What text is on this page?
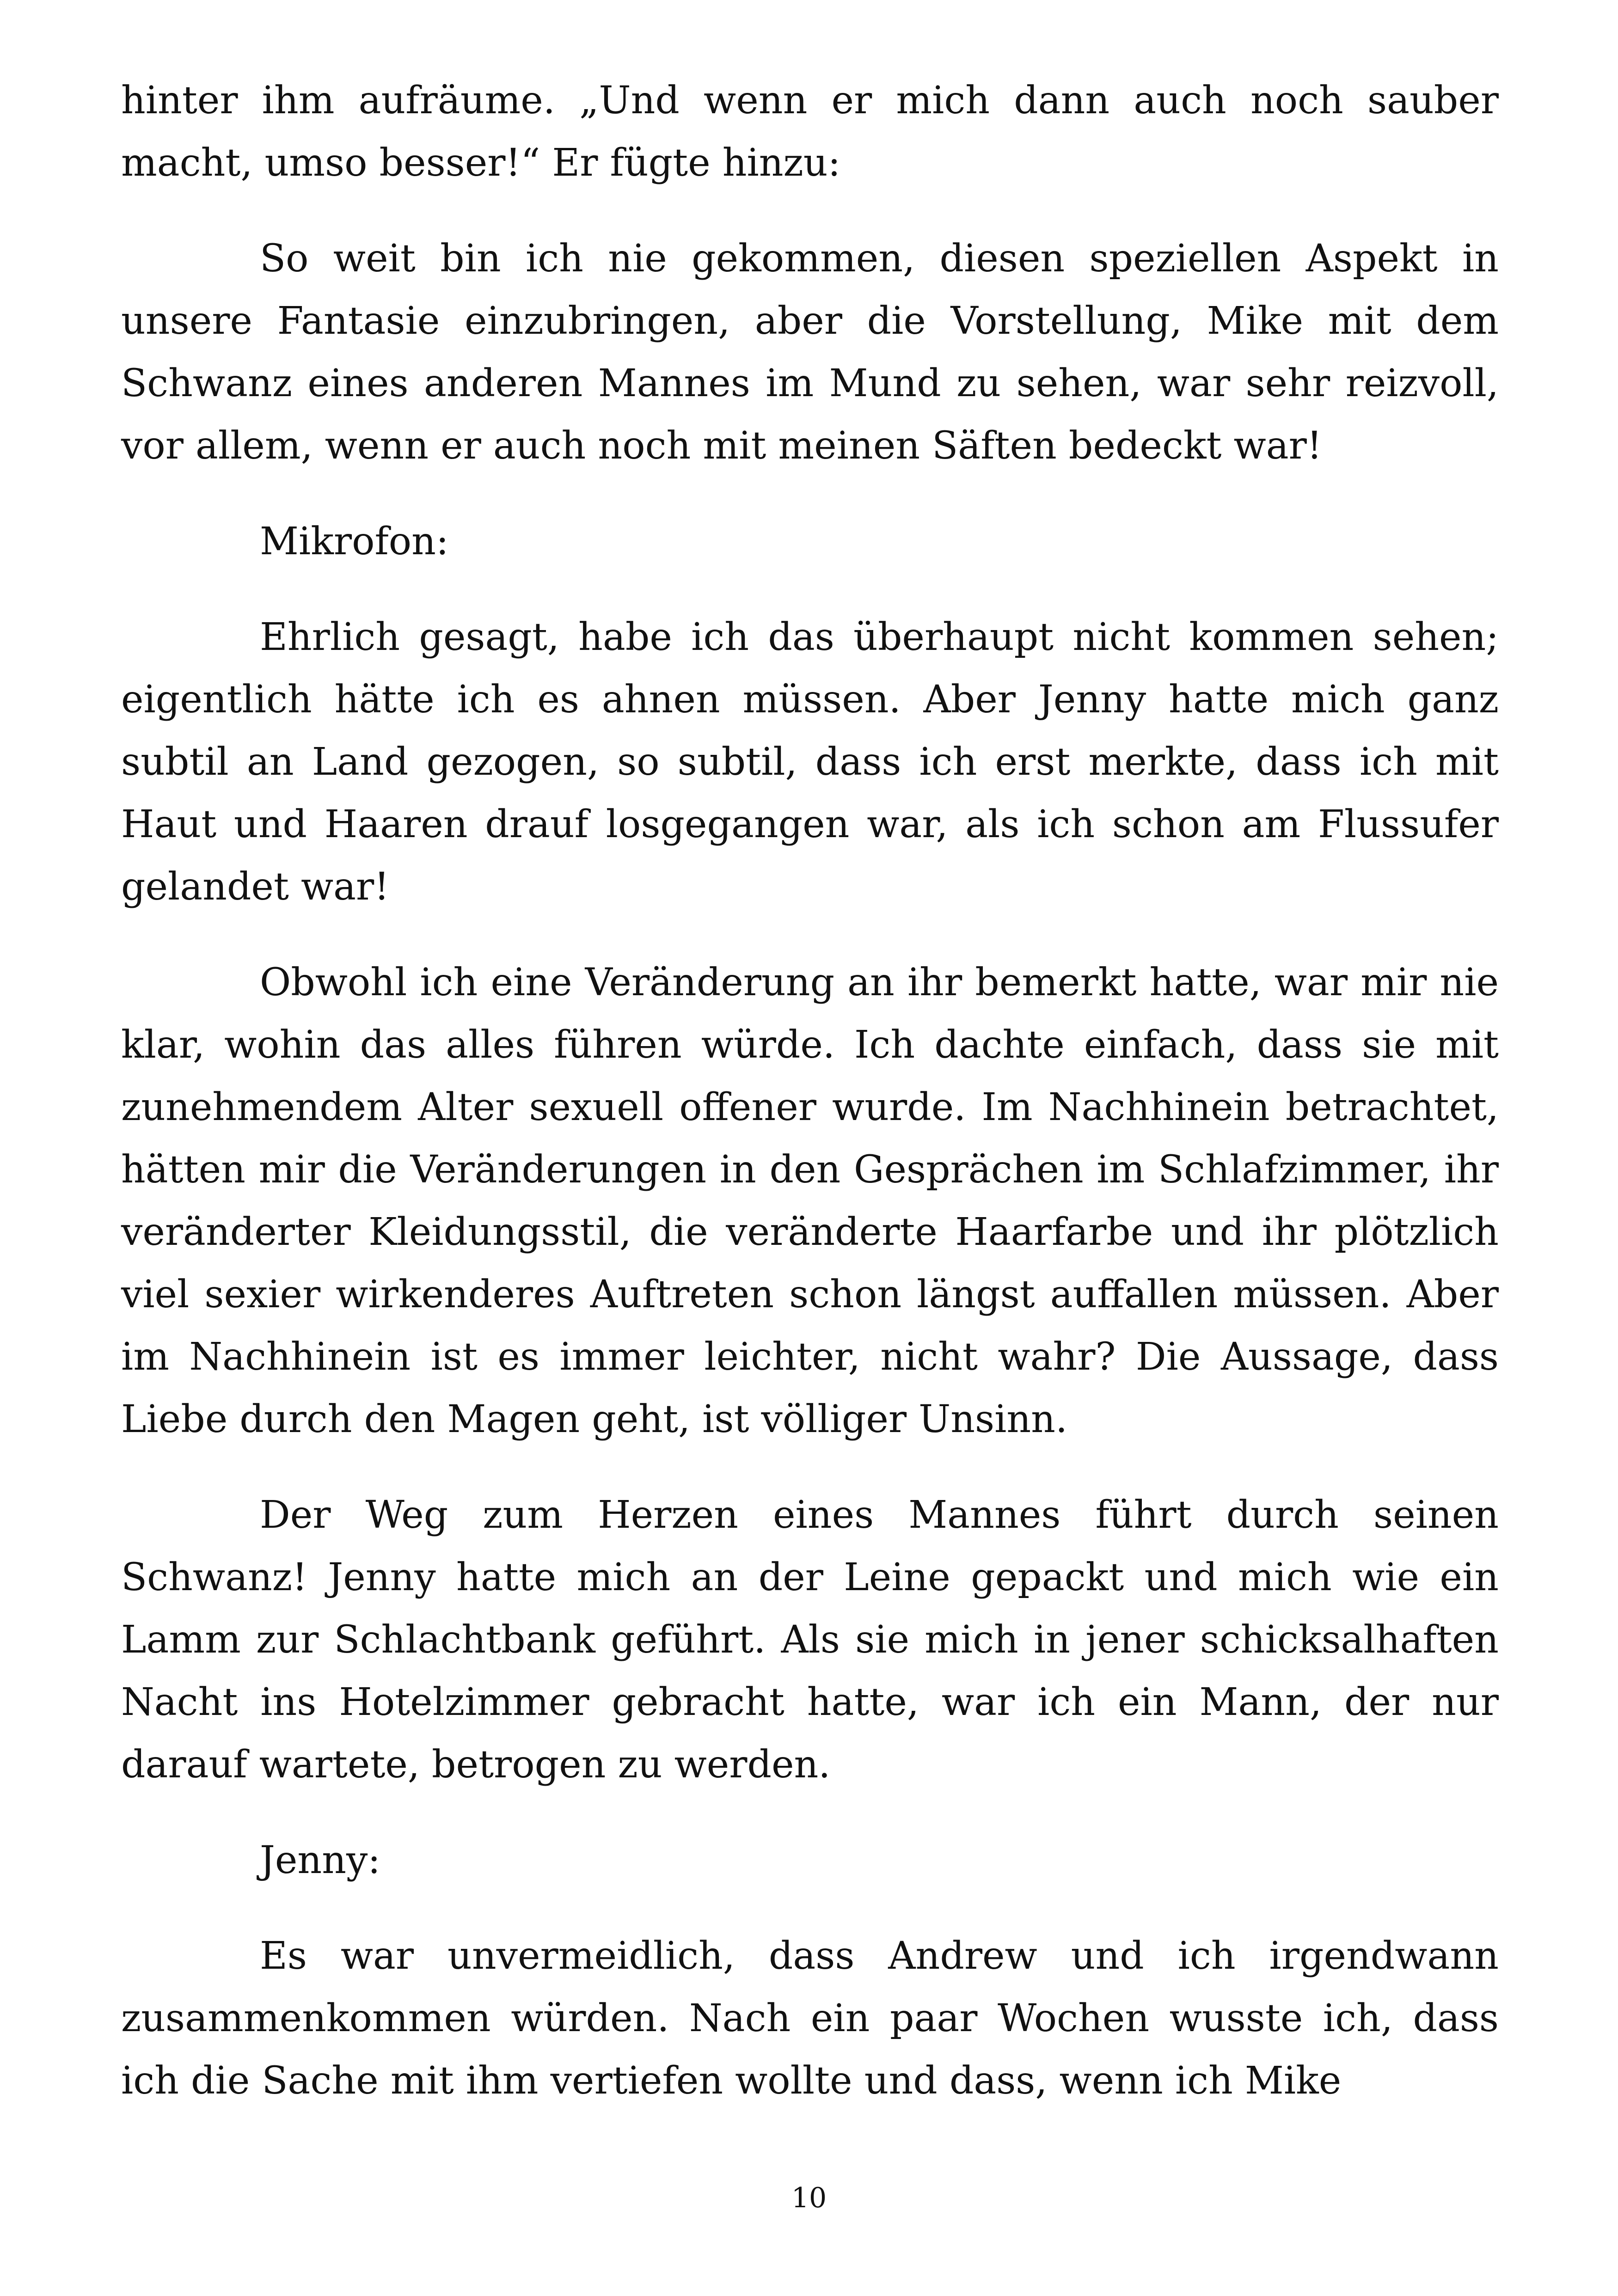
hinter ihm aufräume. „Und wenn er mich dann auch noch sauber macht, umso besser!“ Er fügte hinzu:

So weit bin ich nie gekommen, diesen speziellen Aspekt in unsere Fantasie einzubringen, aber die Vorstellung, Mike mit dem Schwanz eines anderen Mannes im Mund zu sehen, war sehr reizvoll, vor allem, wenn er auch noch mit meinen Säften bedeckt war!

Mikrofon:

Ehrlich gesagt, habe ich das überhaupt nicht kommen sehen; eigentlich hätte ich es ahnen müssen. Aber Jenny hatte mich ganz subtil an Land gezogen, so subtil, dass ich erst merkte, dass ich mit Haut und Haaren drauf losgegangen war, als ich schon am Flussufer gelandet war!

Obwohl ich eine Veränderung an ihr bemerkt hatte, war mir nie klar, wohin das alles führen würde. Ich dachte einfach, dass sie mit zunehmendem Alter sexuell offener wurde. Im Nachhinein betrachtet, hätten mir die Veränderungen in den Gesprächen im Schlafzimmer, ihr veränderter Kleidungsstil, die veränderte Haarfarbe und ihr plötzlich viel sexier wirkenderes Auftreten schon längst auffallen müssen. Aber im Nachhinein ist es immer leichter, nicht wahr? Die Aussage, dass Liebe durch den Magen geht, ist völliger Unsinn.

Der Weg zum Herzen eines Mannes führt durch seinen Schwanz! Jenny hatte mich an der Leine gepackt und mich wie ein Lamm zur Schlachtbank geführt. Als sie mich in jener schicksalhaften Nacht ins Hotelzimmer gebracht hatte, war ich ein Mann, der nur darauf wartete, betrogen zu werden.

Jenny:

Es war unvermeidlich, dass Andrew und ich irgendwann zusammenkommen würden. Nach ein paar Wochen wusste ich, dass ich die Sache mit ihm vertiefen wollte und dass, wenn ich Mike

10
